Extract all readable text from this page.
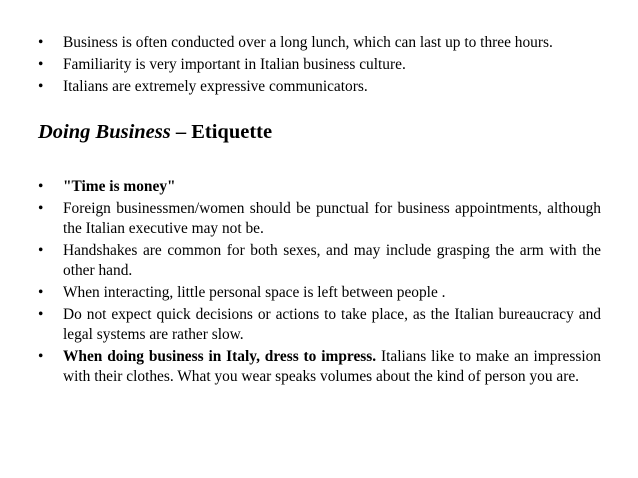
• Business is often conducted over a long lunch, which can last up to three hours.
• Familiarity is very important in Italian business culture.
• Italians are extremely expressive communicators.
Doing Business – Etiquette
• "Time is money"
• Foreign businessmen/women should be punctual for business appointments, although the Italian executive may not be.
• Handshakes are common for both sexes, and may include grasping the arm with the other hand.
• When interacting, little personal space is left between people .
• Do not expect quick decisions or actions to take place, as the Italian bureaucracy and legal systems are rather slow.
• When doing business in Italy, dress to impress. Italians like to make an impression with their clothes. What you wear speaks volumes about the kind of person you are.
